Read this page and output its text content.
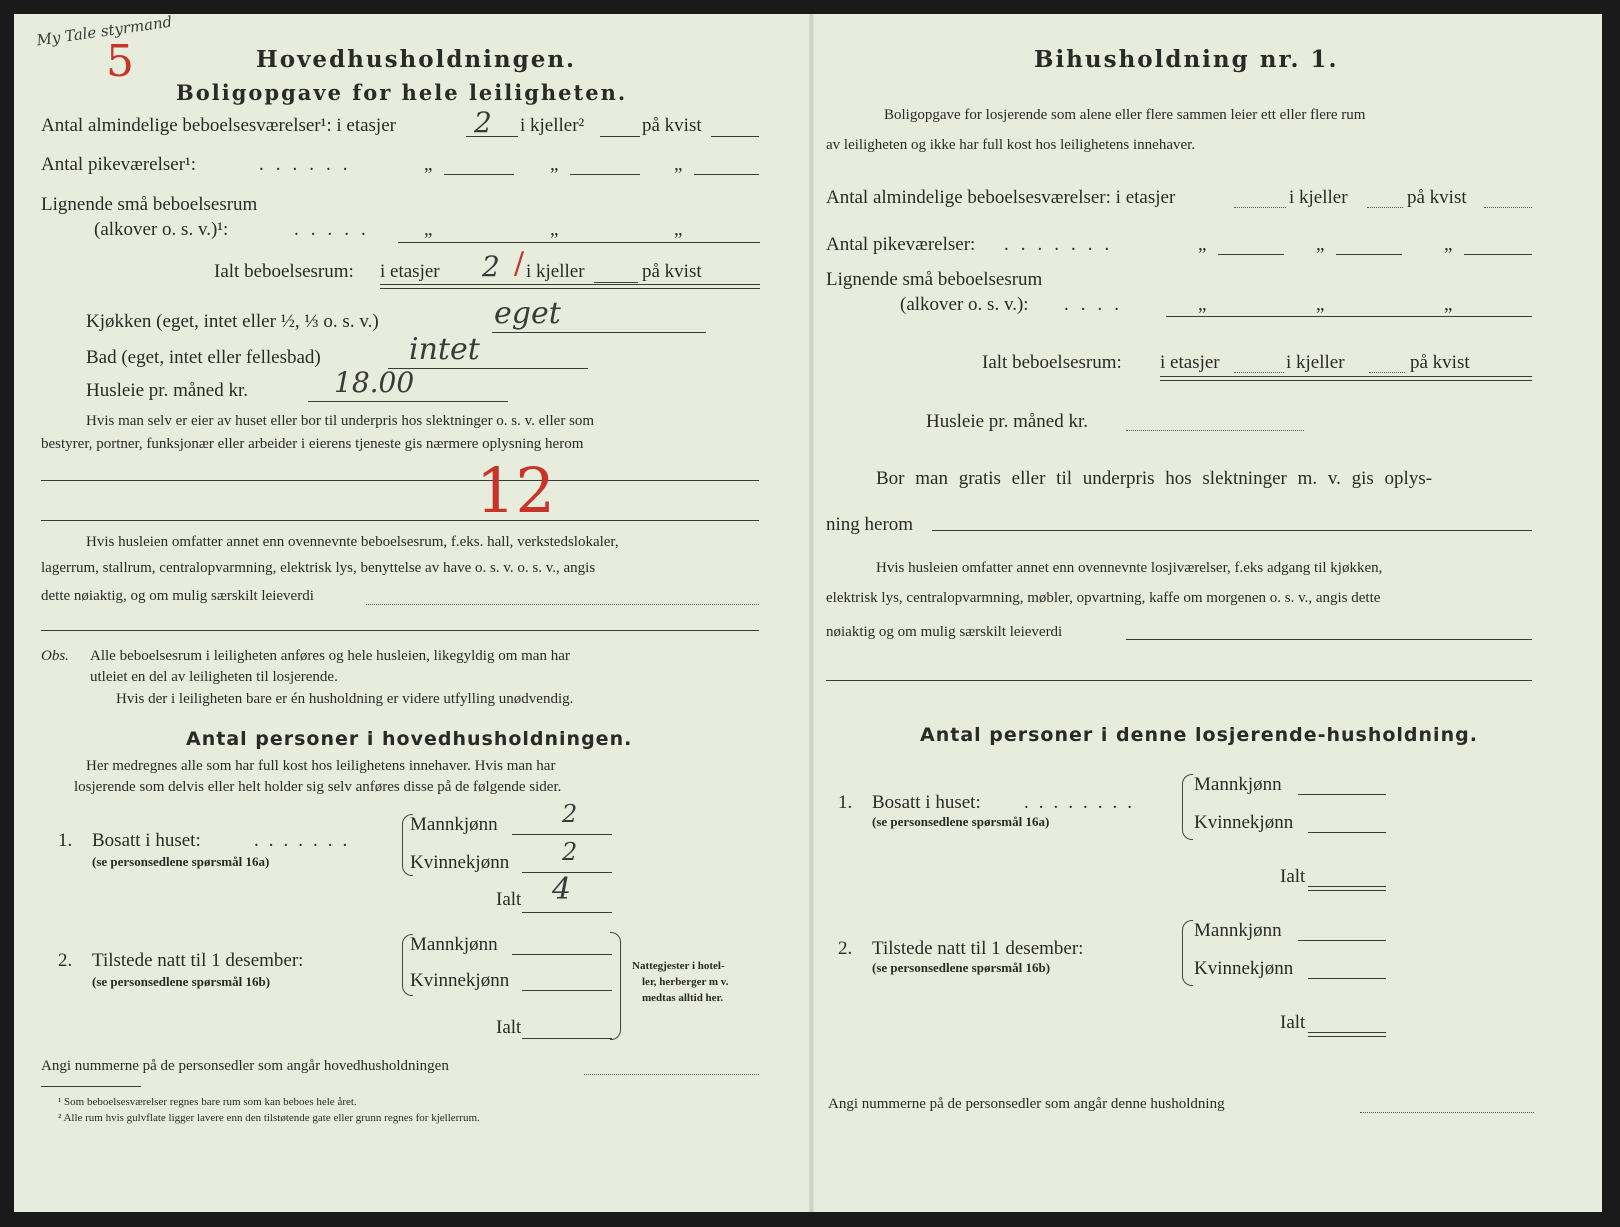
My Tale styrmand
5	Hovedhusholdningen.
Boligopgave for hele leiligheten.
Antal almindelige beboelsesværelser¹: i etasjer	2 i kjeller²	på kvist
Antal pikeværelser¹:	......	„	„	„
Lignende små beboelsesrum
(alkover o. s. v.)¹:	..... „	„	„
Ialt beboelsesrum: i etasjer 2 / i kjeller	på kvist
Kjøkken (eget, intet eller ½, ⅓ o. s. v.)	eget
Bad (eget, intet eller fellesbad)	intet
Husleie pr. måned kr.	18.00
Hvis man selv er eier av huset eller bor til underpris hos slektninger o. s. v. eller som
bestyrer, portner, funksjonær eller arbeider i eierens tjeneste gis nærmere oplysning herom
12
Hvis husleien omfatter annet enn ovennevnte beboelsesrum, f.eks. hall, verkstedslokaler,
lagerrum, stallrum, centralopvarmning, elektrisk lys, benyttelse av have o. s. v. o. s. v., angis
dette nøiaktig, og om mulig særskilt leieverdi
Obs. Alle beboelsesrum i leiligheten anføres og hele husleien, likegyldig om man har
utleiet en del av leiligheten til losjerende.
Hvis der i leiligheten bare er én husholdning er videre utfylling unødvendig.
Antal personer i hovedhusholdningen.
Her medregnes alle som har full kost hos leilighetens innehaver. Hvis man har
losjerende som delvis eller helt holder sig selv anføres disse på de følgende sider.
1. Bosatt i huset:	.......
(se personsedlene spørsmål 16a)
Mannkjønn	2
Kvinnekjønn 2
Ialt 4
2. Tilstede natt til 1 desember:
(se personsedlene spørsmål 16b)
Mannkjønn
Kvinnekjønn
Ialt
Nattegjester i hotel-
ler, herberger m v.
medtas alltid her.
Angi nummerne på de personsedler som angår hovedhusholdningen
¹ Som beboelsesværelser regnes bare rum som kan beboes hele året.
² Alle rum hvis gulvflate ligger lavere enn den tilstøtende gate eller grunn regnes for kjellerrum.
Bihusholdning nr. 1.
Boligopgave for losjerende som alene eller flere sammen leier ett eller flere rum
av leiligheten og ikke har full kost hos leilighetens innehaver.
Antal almindelige beboelsesværelser: i etasjer	i kjeller	på kvist
Antal pikeværelser: .......	„	„	„
Lignende små beboelsesrum
(alkover o. s. v.): ....	„	„	„
Ialt beboelsesrum: i etasjer	i kjeller	på kvist
Husleie pr. måned kr.
Bor man gratis eller til underpris hos slektninger m. v. gis oplys-
ning herom
Hvis husleien omfatter annet enn ovennevnte losjiværelser, f.eks adgang til kjøkken,
elektrisk lys, centralopvarmning, møbler, opvartning, kaffe om morgenen o. s. v., angis dette
nøiaktig og om mulig særskilt leieverdi
Antal personer i denne losjerende-husholdning.
1. Bosatt i huset: ........
(se personsedlene spørsmål 16a)
Mannkjønn
Kvinnekjønn
Ialt
2. Tilstede natt til 1 desember:
(se personsedlene spørsmål 16b)
Mannkjønn
Kvinnekjønn
Ialt
Angi nummerne på de personsedler som angår denne husholdning
